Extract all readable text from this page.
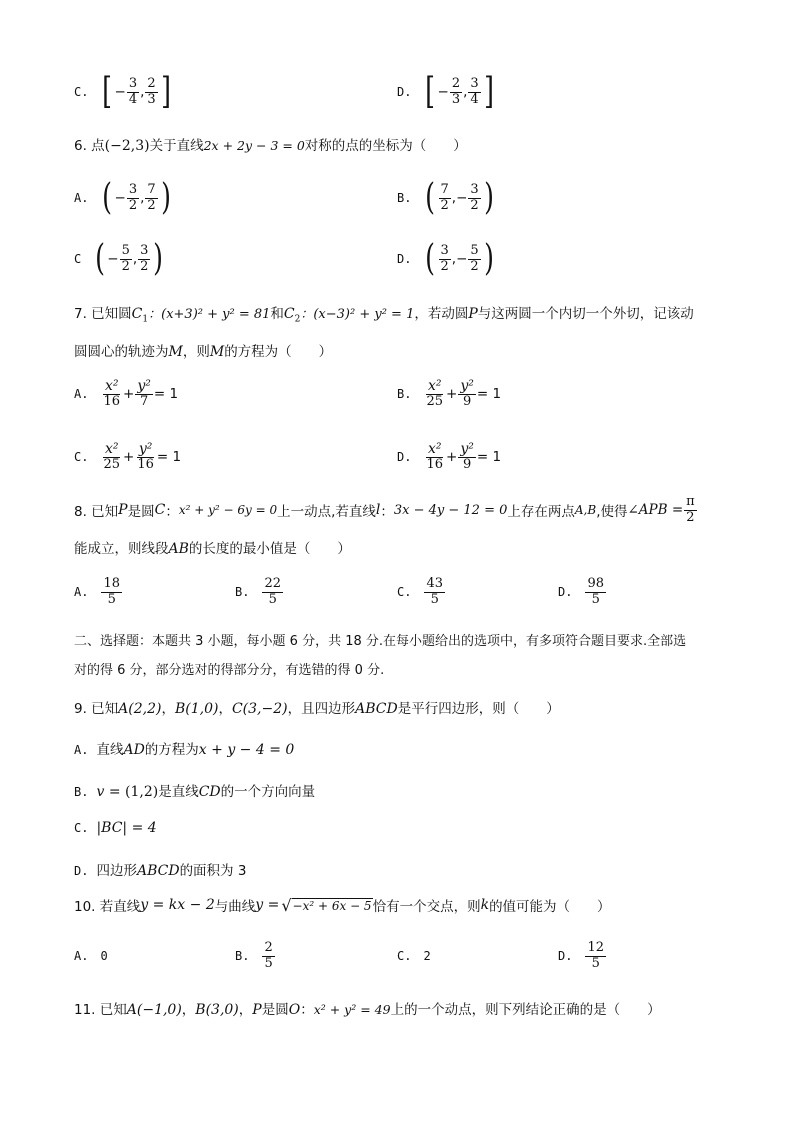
C. [ − $\frac{3}{4}$ , $\frac{2}{3}$ ]	D. [ − $\frac{2}{3}$ , $\frac{3}{4}$ ]
6. 点(−2,3)关于直线2x + 2y − 3 = 0对称的点的坐标为（　　）
A. ( − $\frac{3}{2}$ , $\frac{7}{2}$ )	B. ( $\frac{7}{2}$ , − $\frac{3}{2}$ )
C ( − $\frac{5}{2}$ , $\frac{3}{2}$ )	D. ( $\frac{3}{2}$ , − $\frac{5}{2}$ )
7. 已知圆$C_1$：(x+3)² + y² = 81和$C_2$：(x−3)² + y² = 1，若动圆P与这两圆一个内切一个外切，记该动
圆圆心的轨迹为M，则M的方程为（　　）
A. $\frac{\text{x²}}{16} + \frac{\text{y²}}{7} = 1$	B. $\frac{\text{x²}}{25} + \frac{\text{y²}}{9} = 1$
C. $\frac{\text{x²}}{25} + \frac{\text{y²}}{16} = 1$	D. $\frac{\text{x²}}{16} + \frac{\text{y²}}{9} = 1$
8. 已知 P 是圆 C ： x² + y² − 6y = 0 上一动点,若直线 l ： 3x − 4y − 12 = 0 上存在两点 A,B ,使得 ∠APB = $\frac{\pi}{2}$
能成立，则线段AB的长度的最小值是（　　）
A. $\frac{18}{5}$	B. $\frac{22}{5}$	C. $\frac{43}{5}$	D. $\frac{98}{5}$
二、选择题：本题共 3 小题，每小题 6 分，共 18 分.在每小题给出的选项中，有多项符合题目要求.全部选
对的得 6 分，部分选对的得部分分，有选错的得 0 分.
9. 已知A(2,2)，B(1,0)，C(3,−2)，且四边形ABCD是平行四边形，则（　　）
A. 直线AD的方程为x + y − 4 = 0
B. v = (1,2)是直线CD的一个方向向量
C. |BC| = 4
D. 四边形ABCD的面积为 3
10. 若直线 y = kx − 2 与曲线 y = √ −x² + 6x − 5 恰有一个交点，则 k 的值可能为（　　）
A. 0	B. $\frac{2}{5}$	C. 2	D. $\frac{12}{5}$
11. 已知A(−1,0)，B(3,0)，P是圆O：x² + y² = 49上的一个动点，则下列结论正确的是（　　）
